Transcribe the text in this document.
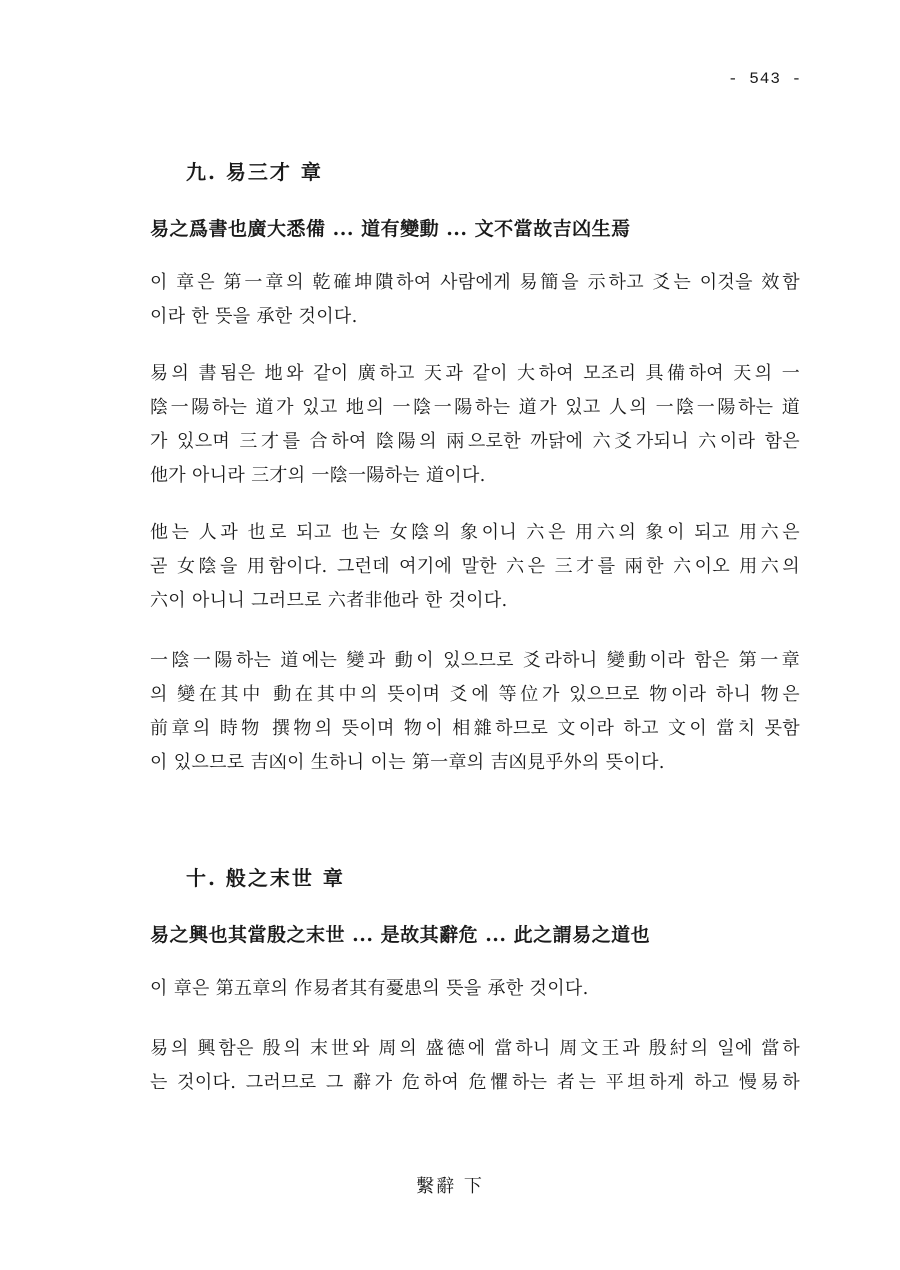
- 543 -
九. 易三才 章
易之爲書也廣大悉備 ... 道有變動 ... 文不當故吉凶生焉
이 章은 第一章의 乾確坤隤하여 사람에게 易簡을 示하고 爻는 이것을 效함
이라 한 뜻을 承한 것이다.
易의 書됨은 地와 같이 廣하고 天과 같이 大하여 모조리 具備하여 天의 一
陰一陽하는 道가 있고 地의 一陰一陽하는 道가 있고 人의 一陰一陽하는 道
가 있으며 三才를 合하여 陰陽의 兩으로한 까닭에 六爻가되니 六이라 함은
他가 아니라 三才의 一陰一陽하는 道이다.
他는 人과 也로 되고 也는 女陰의 象이니 六은 用六의 象이 되고 用六은
곧 女陰을 用함이다. 그런데 여기에 말한 六은 三才를 兩한 六이오 用六의
六이 아니니 그러므로 六者非他라 한 것이다.
一陰一陽하는 道에는 變과 動이 있으므로 爻라하니 變動이라 함은 第一章
의 變在其中 動在其中의 뜻이며 爻에 等位가 있으므로 物이라 하니 物은
前章의 時物 撰物의 뜻이며 物이 相雜하므로 文이라 하고 文이 當치 못함
이 있으므로 吉凶이 生하니 이는 第一章의 吉凶見乎外의 뜻이다.
十. 般之末世 章
易之興也其當殷之末世 ... 是故其辭危 ... 此之謂易之道也
이 章은 第五章의 作易者其有憂患의 뜻을 承한 것이다.
易의 興함은 殷의 末世와 周의 盛德에 當하니 周文王과 殷紂의 일에 當하
는 것이다. 그러므로 그 辭가 危하여 危懼하는 者는 平坦하게 하고 慢易하
繫辭 下
